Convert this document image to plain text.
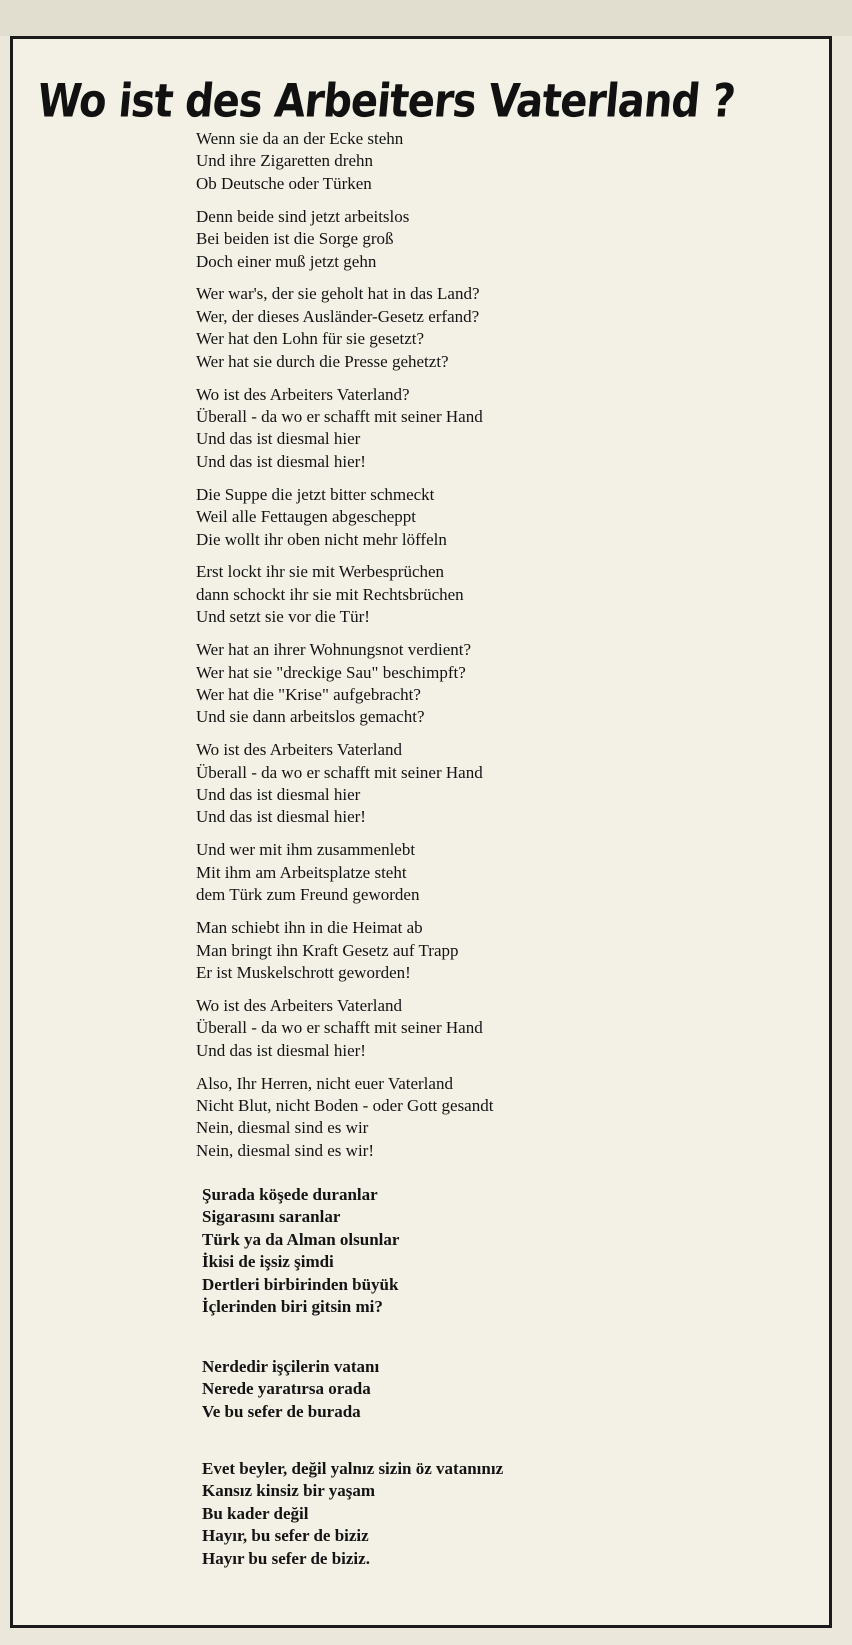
Wo ist des Arbeiters Vaterland ?
Wenn sie da an der Ecke stehn
Und ihre Zigaretten drehn
Ob Deutsche oder Türken
Denn beide sind jetzt arbeitslos
Bei beiden ist die Sorge groß
Doch einer muß jetzt gehn
Wer war's, der sie geholt hat in das Land?
Wer, der dieses Ausländer-Gesetz erfand?
Wer hat den Lohn für sie gesetzt?
Wer hat sie durch die Presse gehetzt?
Wo ist des Arbeiters Vaterland?
Überall - da wo er schafft mit seiner Hand
Und das ist diesmal hier
Und das ist diesmal hier!
Die Suppe die jetzt bitter schmeckt
Weil alle Fettaugen abgescheppt
Die wollt ihr oben nicht mehr löffeln
Erst lockt ihr sie mit Werbesprüchen
dann schockt ihr sie mit Rechtsbrüchen
Und setzt sie vor die Tür!
Wer hat an ihrer Wohnungsnot verdient?
Wer hat sie "dreckige Sau" beschimpft?
Wer hat die "Krise" aufgebracht?
Und sie dann arbeitslos gemacht?
Wo ist des Arbeiters Vaterland
Überall - da wo er schafft mit seiner Hand
Und das ist diesmal hier
Und das ist diesmal hier!
Und wer mit ihm zusammenlebt
Mit ihm am Arbeitsplatze steht
dem Türk zum Freund geworden
Man schiebt ihn in die Heimat ab
Man bringt ihn Kraft Gesetz auf Trapp
Er ist Muskelschrott geworden!
Wo ist des Arbeiters Vaterland
Überall - da wo er schafft mit seiner Hand
Und das ist diesmal hier!
Also, Ihr Herren, nicht euer Vaterland
Nicht Blut, nicht Boden - oder Gott gesandt
Nein, diesmal sind es wir
Nein, diesmal sind es wir!
Şurada köşede duranlar
Sigarasını saranlar
Türk ya da Alman olsunlar
İkisi de işsiz şimdi
Dertleri birbirinden büyük
İçlerinden biri gitsin mi?
Nerdedir işçilerin vatanı
Nerede yaratırsa orada
Ve bu sefer de burada
Evet beyler, değil yalnız sizin öz vatanınız
Kansız kinsiz bir yaşam
Bu kader değil
Hayır, bu sefer de biziz
Hayır bu sefer de biziz.
